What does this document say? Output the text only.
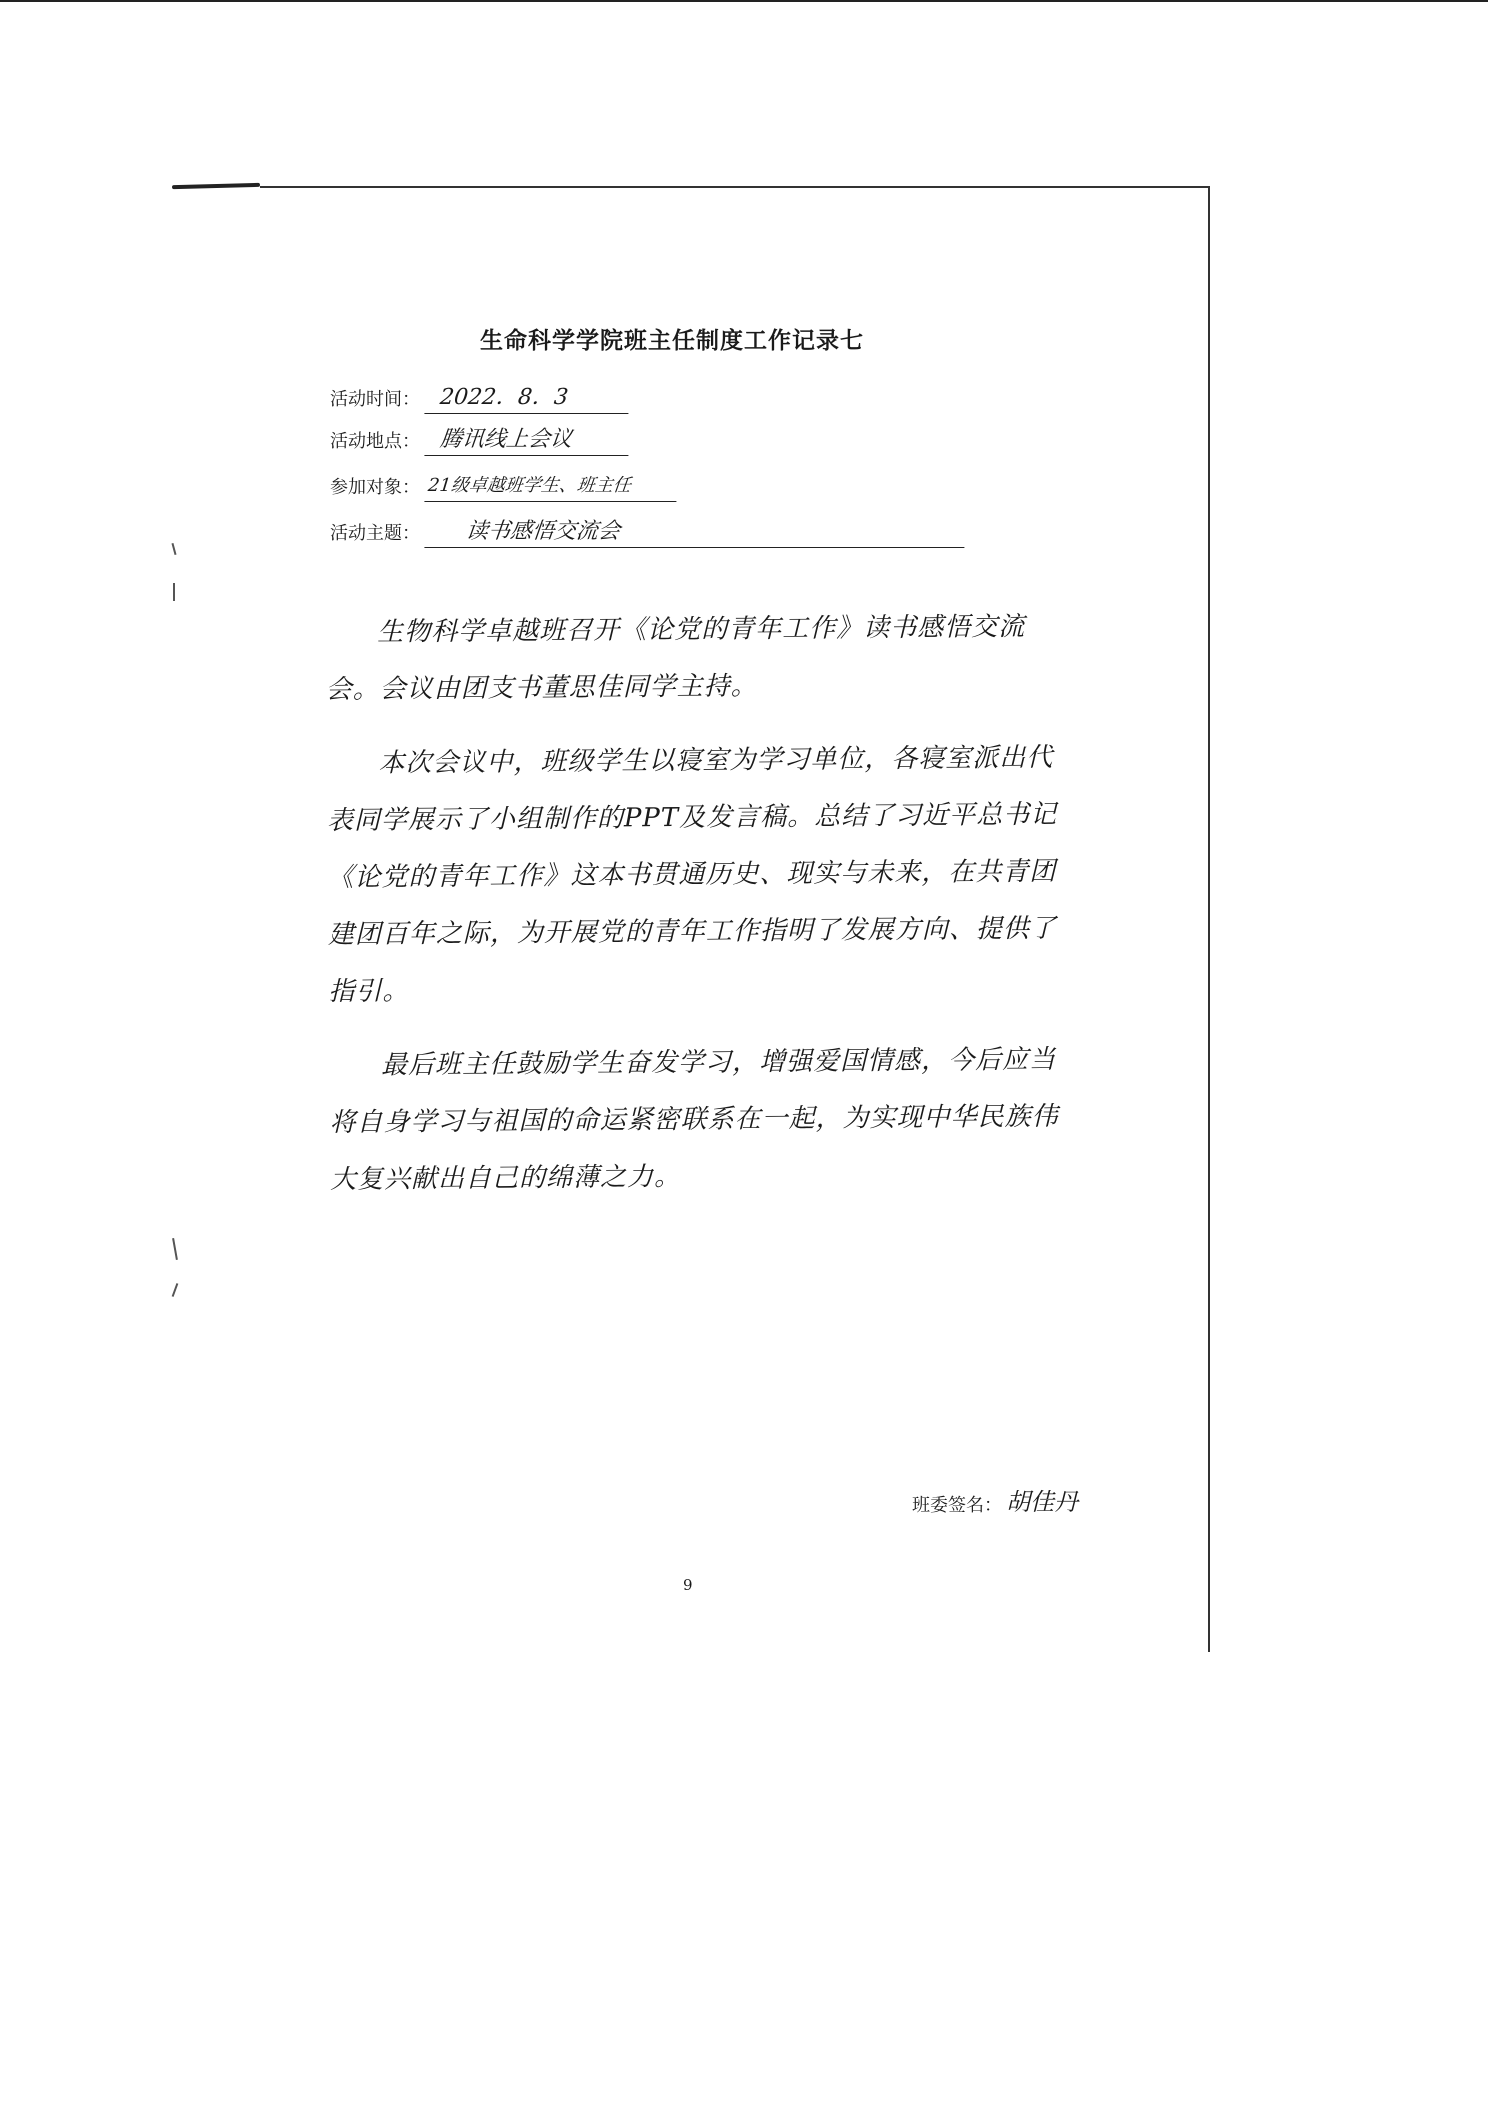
生命科学学院班主任制度工作记录七
活动时间： 2022．8．3
活动地点： 腾讯线上会议
参加对象： 21级卓越班学生、班主任
活动主题：	读书感悟交流会

生物科学卓越班召开《论党的青年工作》读书感悟交流会。会议由团支书董思佳同学主持。

本次会议中，班级学生以寝室为学习单位，各寝室派出代表同学展示了小组制作的PPT及发言稿。总结了习近平总书记《论党的青年工作》这本书贯通历史、现实与未来，在共青团建团百年之际，为开展党的青年工作指明了发展方向、提供了指引。

最后班主任鼓励学生奋发学习，增强爱国情感，今后应当将自身学习与祖国的命运紧密联系在一起，为实现中华民族伟大复兴献出自己的绵薄之力。

班委签名： 胡佳丹
9
